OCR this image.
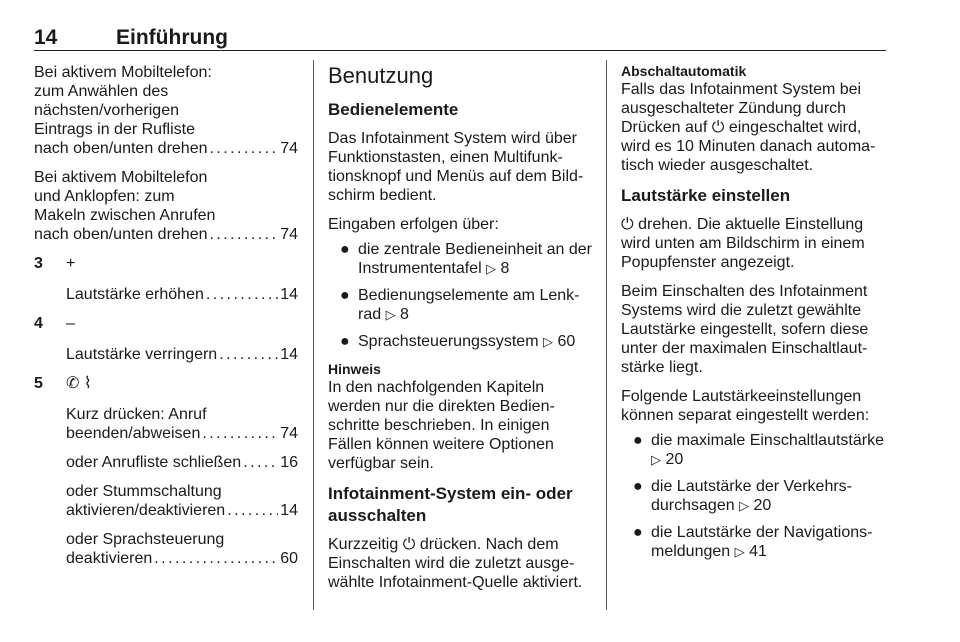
14	Einführung
Bei aktivem Mobiltelefon:
zum Anwählen des
nächsten/vorherigen
Eintrags in der Rufliste
nach oben/unten drehen . . .	74
Bei aktivem Mobiltelefon
und Anklopfen: zum
Makeln zwischen Anrufen
nach oben/unten drehen . . .	74
3	+
Lautstärke erhöhen . . .	14
4	–
Lautstärke verringern . . .	14
5	✆ ⌇
Kurz drücken: Anruf
beenden/abweisen . . .	74
oder Anrufliste schließen . . . 16
oder Stummschaltung
aktivieren/deaktivieren . . .	14
oder Sprachsteuerung
deaktivieren . . .	60
Benutzung
Bedienelemente

Das Infotainment System wird über Funktionstasten, einen Multifunktionsknopf und Menüs auf dem Bildschirm bedient.

Eingaben erfolgen über:

● die zentrale Bedieneinheit an der Instrumententafel ▷ 8
● Bedienungselemente am Lenkrad ▷ 8
● Sprachsteuerungssystem ▷ 60
Hinweis

In den nachfolgenden Kapiteln werden nur die direkten Bedienschritte beschrieben. In einigen Fällen können weitere Optionen verfügbar sein.

Infotainment-System ein- oder ausschalten

Kurzzeitig ⏻ drücken. Nach dem Einschalten wird die zuletzt ausgewählte Infotainment-Quelle aktiviert.

Abschaltautomatik

Falls das Infotainment System bei ausgeschalteter Zündung durch Drücken auf ⏻ eingeschaltet wird, wird es 10 Minuten danach automatisch wieder ausgeschaltet.

Lautstärke einstellen

⏻ drehen. Die aktuelle Einstellung wird unten am Bildschirm in einem Popupfenster angezeigt.

Beim Einschalten des Infotainment Systems wird die zuletzt gewählte Lautstärke eingestellt, sofern diese unter der maximalen Einschaltlautstärke liegt.

Folgende Lautstärkeeinstellungen können separat eingestellt werden:

● die maximale Einschaltlautstärke ▷ 20
● die Lautstärke der Verkehrsdurchsagen ▷ 20
● die Lautstärke der Navigationsmeldungen ▷ 41
